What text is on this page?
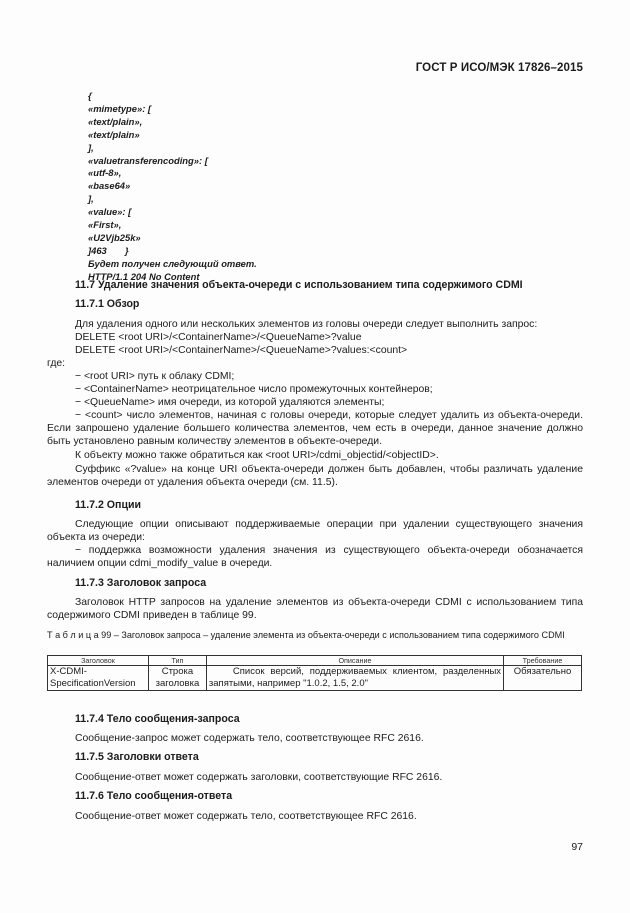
ГОСТ Р ИСО/МЭК 17826–2015
{
«mimetype»: [
«text/plain»,
«text/plain»
],
«valuetransferencoding»: [
«utf-8»,
«base64»
],
«value»: [
«First»,
«U2Vjb25k»
]463       }
Будет получен следующий ответ.
HTTP/1.1 204 No Content
11.7 Удаление значения объекта-очереди с использованием типа содержимого CDMI
11.7.1 Обзор
Для удаления одного или нескольких элементов из головы очереди следует выполнить запрос:
DELETE <root URI>/<ContainerName>/<QueueName>?value
DELETE <root URI>/<ContainerName>/<QueueName>?values:<count>
где:
− <root URI> путь к облаку CDMI;
− <ContainerName> неотрицательное число промежуточных контейнеров;
− <QueueName> имя очереди, из которой удаляются элементы;
− <count> число элементов, начиная с головы очереди, которые следует удалить из объекта-очереди. Если запрошено удаление большего количества элементов, чем есть в очереди, данное значение должно быть установлено равным количеству элементов в объекте-очереди.
К объекту можно также обратиться как <root URI>/cdmi_objectid/<objectID>.
Суффикс «?value» на конце URI объекта-очереди должен быть добавлен, чтобы различать удаление элементов очереди от удаления объекта очереди (см. 11.5).
11.7.2 Опции
Следующие опции описывают поддерживаемые операции при удалении существующего значения объекта из очереди:
− поддержка возможности удаления значения из существующего объекта-очереди обозначается наличием опции cdmi_modify_value в очереди.
11.7.3 Заголовок запроса
Заголовок HTTP запросов на удаление элементов из объекта-очереди CDMI с использованием типа содержимого CDMI приведен в таблице 99.
Т а б л и ц а 99 – Заголовок запроса – удаление элемента из объекта-очереди с использованием типа содержимого CDMI
Заголовок	Тип	Описание	Требование
X-CDMI-SpecificationVersion	Строка заголовка	Список версий, поддерживаемых клиентом, разделенных запятыми, например "1.0.2, 1.5, 2.0"	Обязательно
11.7.4 Тело сообщения-запроса
Сообщение-запрос может содержать тело, соответствующее RFC 2616.
11.7.5 Заголовки ответа
Сообщение-ответ может содержать заголовки, соответствующие RFC 2616.
11.7.6 Тело сообщения-ответа
Сообщение-ответ может содержать тело, соответствующее RFC 2616.
97
